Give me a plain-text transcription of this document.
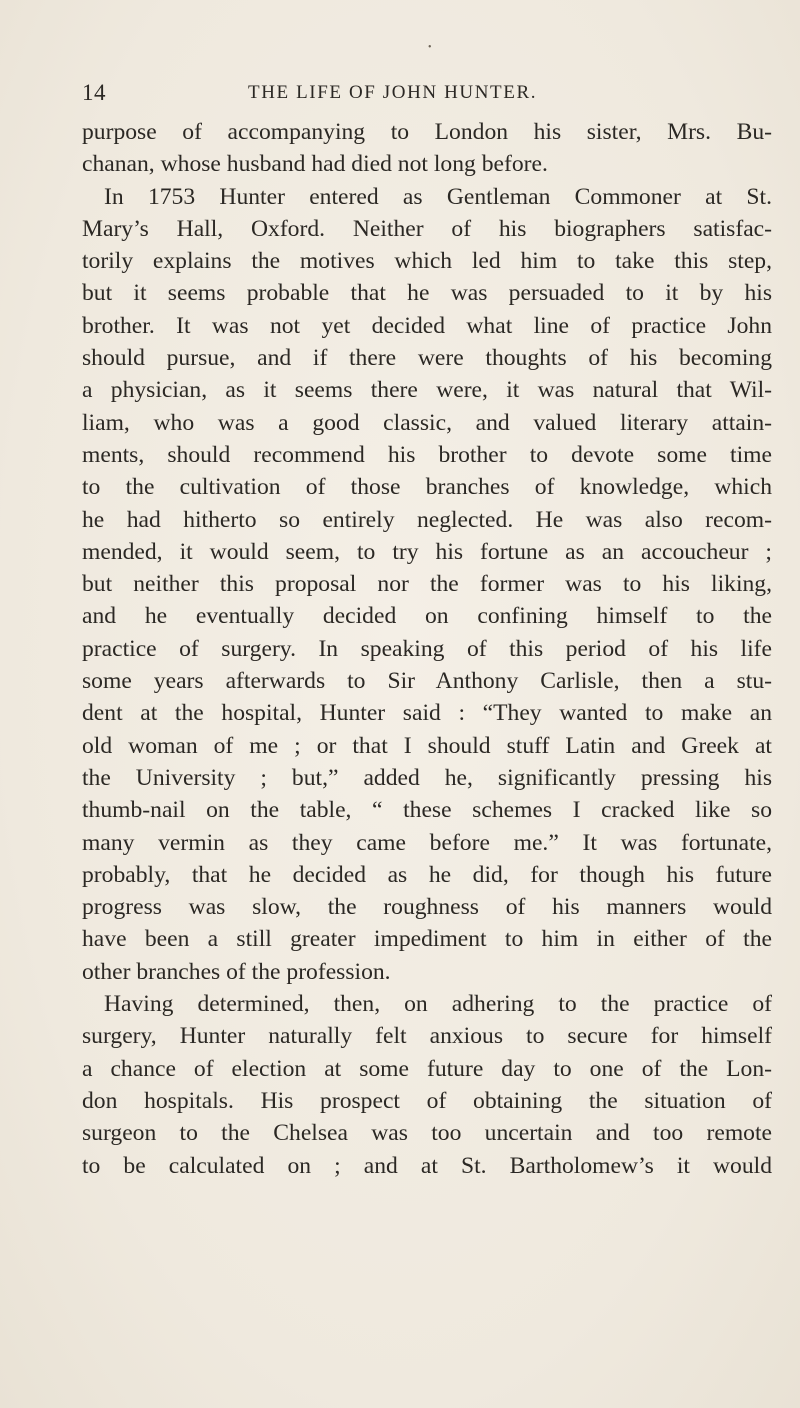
•
14	THE LIFE OF JOHN HUNTER.
purpose of accompanying to London his sister, Mrs. Bu-
chanan, whose husband had died not long before.
In 1753 Hunter entered as Gentleman Commoner at St.
Mary’s Hall, Oxford. Neither of his biographers satisfac-
torily explains the motives which led him to take this step,
but it seems probable that he was persuaded to it by his
brother. It was not yet decided what line of practice John
should pursue, and if there were thoughts of his becoming
a physician, as it seems there were, it was natural that Wil-
liam, who was a good classic, and valued literary attain-
ments, should recommend his brother to devote some time
to the cultivation of those branches of knowledge, which
he had hitherto so entirely neglected. He was also recom-
mended, it would seem, to try his fortune as an accoucheur ;
but neither this proposal nor the former was to his liking,
and he eventually decided on confining himself to the
practice of surgery. In speaking of this period of his life
some years afterwards to Sir Anthony Carlisle, then a stu-
dent at the hospital, Hunter said : “They wanted to make an
old woman of me ; or that I should stuff Latin and Greek at
the University ; but,” added he, significantly pressing his
thumb-nail on the table, “ these schemes I cracked like so
many vermin as they came before me.” It was fortunate,
probably, that he decided as he did, for though his future
progress was slow, the roughness of his manners would
have been a still greater impediment to him in either of the
other branches of the profession.
Having determined, then, on adhering to the practice of
surgery, Hunter naturally felt anxious to secure for himself
a chance of election at some future day to one of the Lon-
don hospitals. His prospect of obtaining the situation of
surgeon to the Chelsea was too uncertain and too remote
to be calculated on ; and at St. Bartholomew’s it would
